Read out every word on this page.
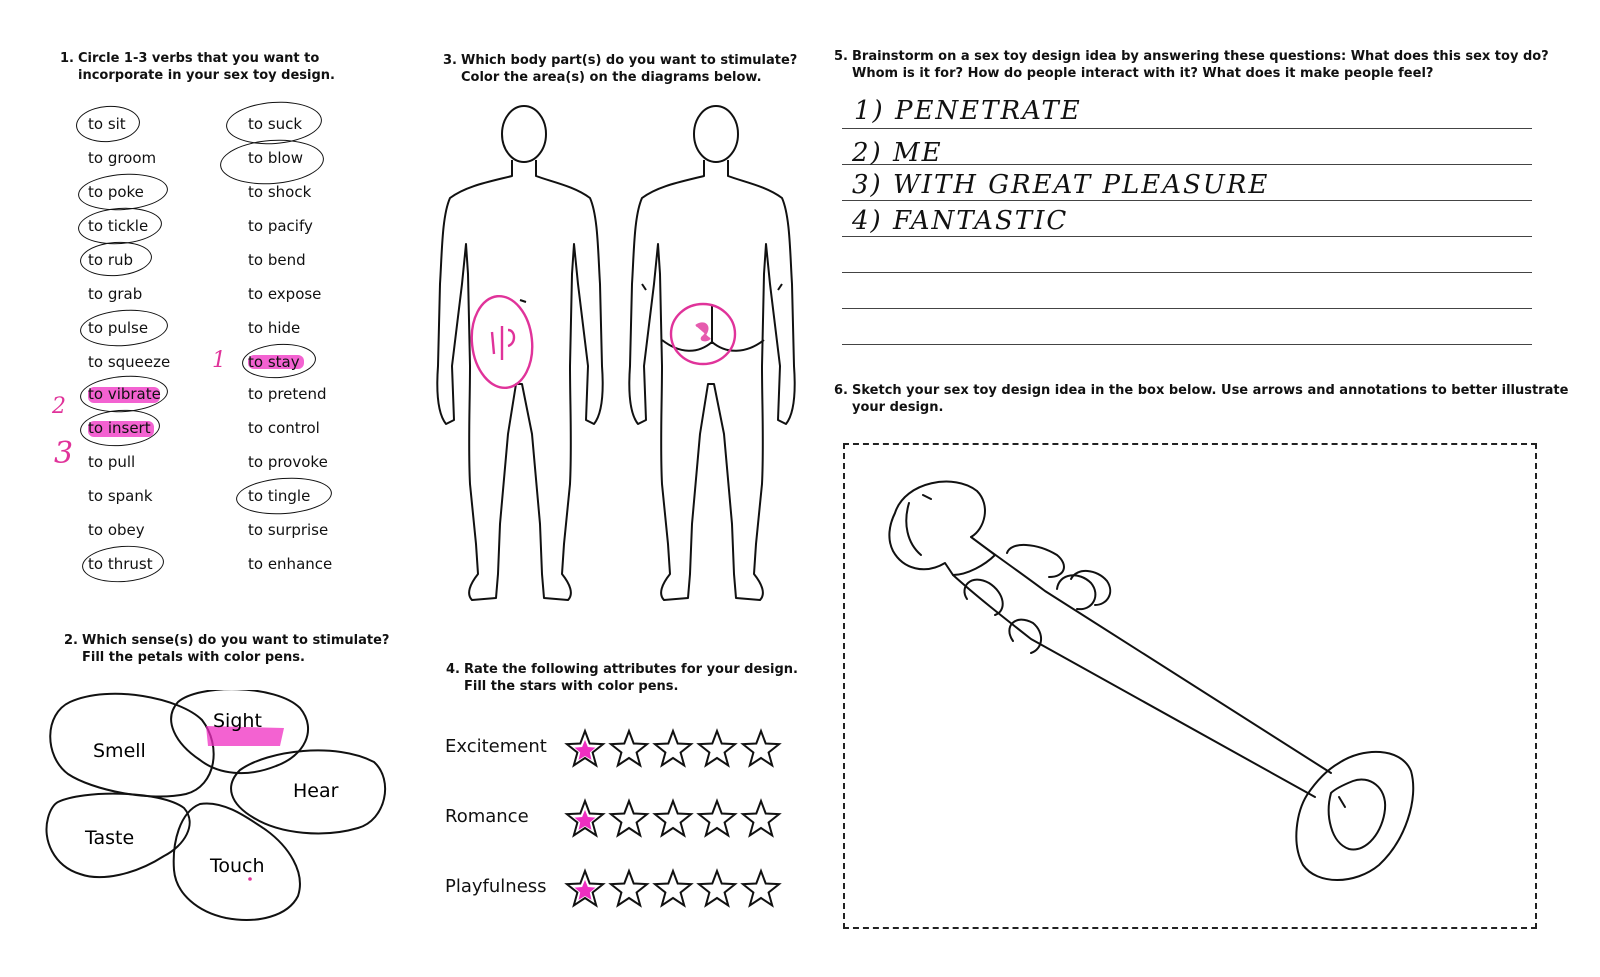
1. Circle 1-3 verbs that you want to
incorporate in your sex toy design.
to sit
to groom
to poke
to tickle
to rub
to grab
to pulse
to squeeze
to vibrate
to insert
to pull
to spank
to obey
to thrust
to suck
to blow
to shock
to pacify
to bend
to expose
to hide
to stay
to pretend
to control
to provoke
to tingle
to surprise
to enhance
1
2
3
2. Which sense(s) do you want to stimulate?
Fill the petals with color pens.
Smell
Sight
Hear
Taste
Touch
3. Which body part(s) do you want to stimulate?
Color the area(s) on the diagrams below.
4. Rate the following attributes for your design.
Fill the stars with color pens.
Excitement
Romance
Playfulness
5. Brainstorm on a sex toy design idea by answering these questions: What does this sex toy do?
Whom is it for? How do people interact with it? What does it make people feel?
1) PENETRATE
2) ME
3) WITH GREAT PLEASURE
4) FANTASTIC
6. Sketch your sex toy design idea in the box below. Use arrows and annotations to better illustrate
your design.
